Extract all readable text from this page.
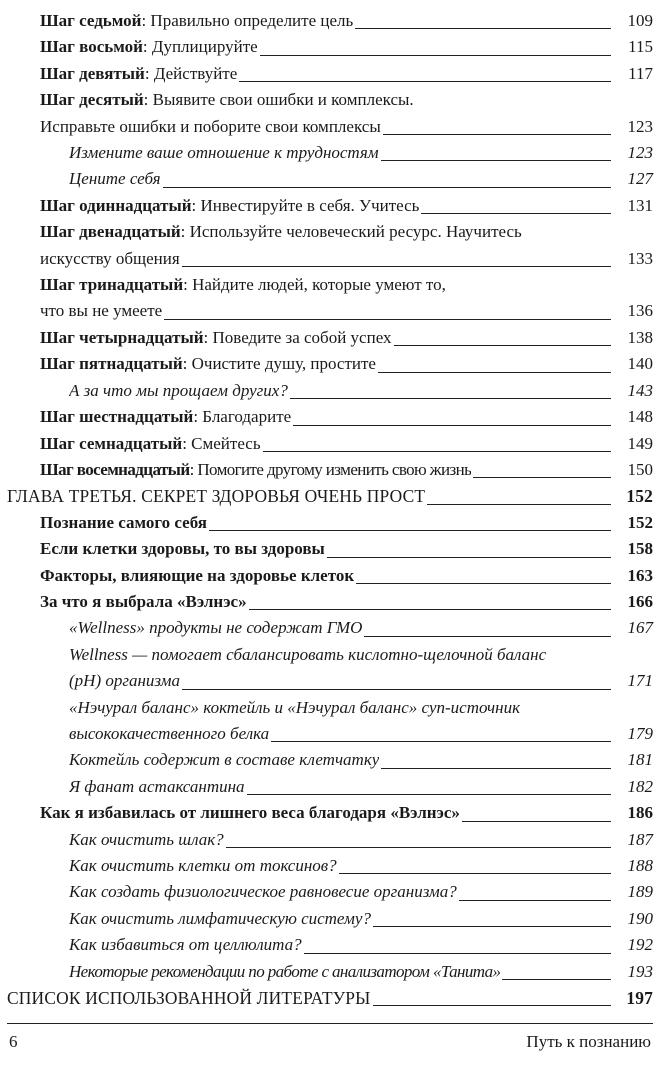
Шаг седьмой: Правильно определите цель	109
Шаг восьмой: Дуплицируйте	115
Шаг девятый: Действуйте	117
Шаг десятый: Выявите свои ошибки и комплексы.
Исправьте ошибки и поборите свои комплексы	123
Измените ваше отношение к трудностям	123
Цените себя	127
Шаг одиннадцатый: Инвестируйте в себя. Учитесь	131
Шаг двенадцатый: Используйте человеческий ресурс. Научитесь
искусству общения	133
Шаг тринадцатый: Найдите людей, которые умеют то,
что вы не умеете	136
Шаг четырнадцатый: Поведите за собой успех	138
Шаг пятнадцатый: Очистите душу, простите	140
А за что мы прощаем других?	143
Шаг шестнадцатый: Благодарите	148
Шаг семнадцатый: Смейтесь	149
Шаг восемнадцатый: Помогите другому изменить свою жизнь	150
ГЛАВА ТРЕТЬЯ. СЕКРЕТ ЗДОРОВЬЯ ОЧЕНЬ ПРОСТ	152
Познание самого себя	152
Если клетки здоровы, то вы здоровы	158
Факторы, влияющие на здоровье клеток	163
За что я выбрала «Вэлнэс»	166
«Wellness» продукты не содержат ГМО	167
Wellness — помогает сбалансировать кислотно-щелочной баланс
(pH) организма	171
«Нэчурал баланс» коктейль и «Нэчурал баланс» суп-источник
высококачественного белка	179
Коктейль содержит в составе клетчатку	181
Я фанат астаксантина	182
Как я избавилась от лишнего веса благодаря «Вэлнэс»	186
Как очистить шлак?	187
Как очистить клетки от токсинов?	188
Как создать физиологическое равновесие организма?	189
Как очистить лимфатическую систему?	190
Как избавиться от целлюлита?	192
Некоторые рекомендации по работе с анализатором «Танита»	193
СПИСОК ИСПОЛЬЗОВАННОЙ ЛИТЕРАТУРЫ	197
6	Путь к познанию
